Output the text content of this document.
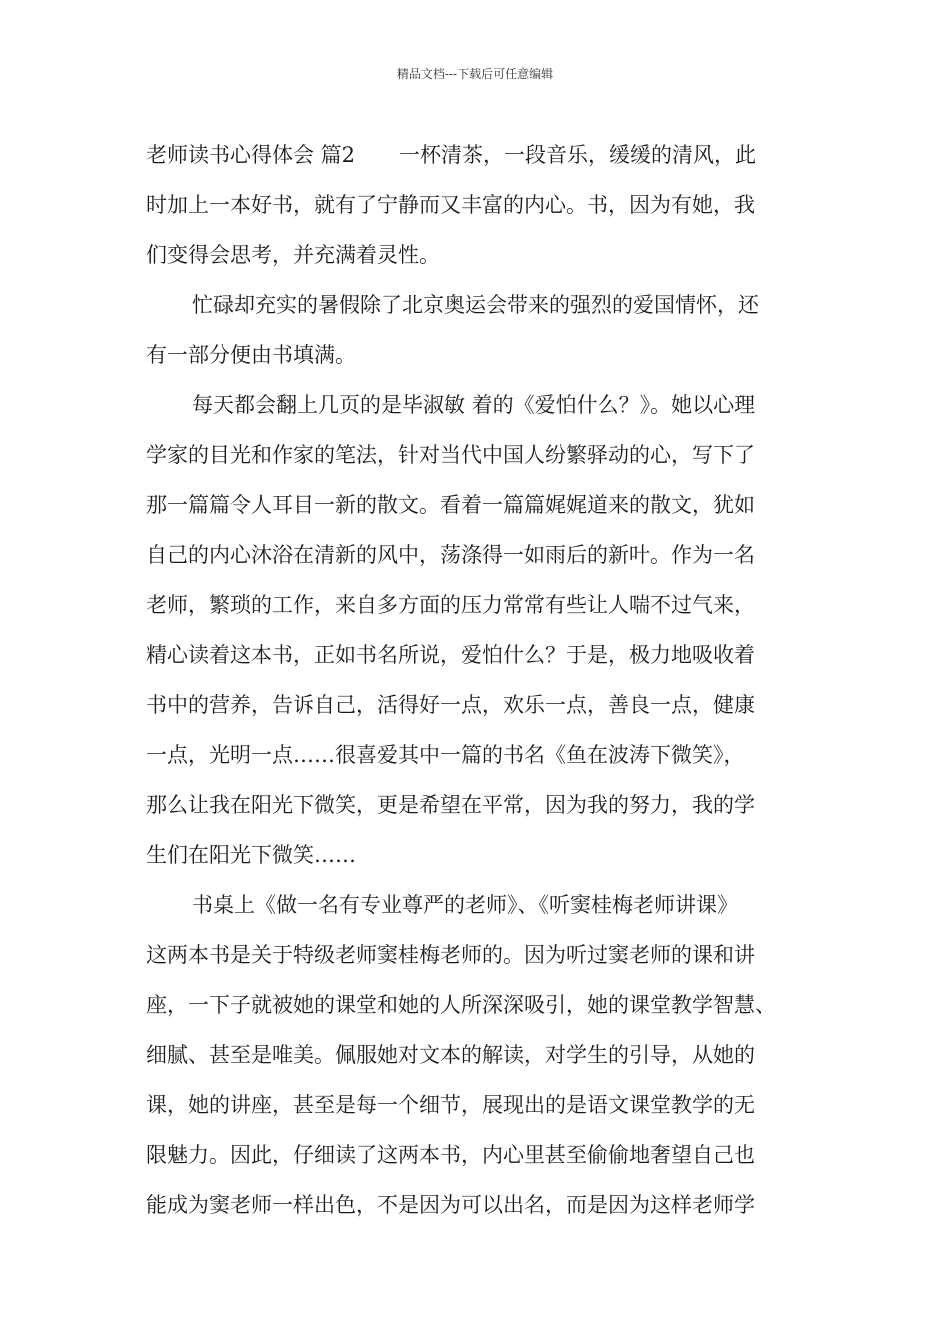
精品文档---下载后可任意编辑
老师读书心得体会 篇2 一杯清茶，一段音乐，缓缓的清风，此
时加上一本好书，就有了宁静而又丰富的内心。书，因为有她，我
们变得会思考，并充满着灵性。
忙碌却充实的暑假除了北京奥运会带来的强烈的爱国情怀，还
有一部分便由书填满。
每天都会翻上几页的是毕淑敏 着的《爱怕什么？》。她以心理
学家的目光和作家的笔法，针对当代中国人纷繁驿动的心，写下了
那一篇篇令人耳目一新的散文。看着一篇篇娓娓道来的散文，犹如
自己的内心沐浴在清新的风中，荡涤得一如雨后的新叶。作为一名
老师，繁琐的工作，来自多方面的压力常常有些让人喘不过气来，
精心读着这本书，正如书名所说，爱怕什么？于是，极力地吸收着
书中的营养，告诉自己，活得好一点，欢乐一点，善良一点，健康
一点，光明一点……很喜爱其中一篇的书名《鱼在波涛下微笑》，
那么让我在阳光下微笑，更是希望在平常，因为我的努力，我的学
生们在阳光下微笑……
书桌上《做一名有专业尊严的老师》、《听窦桂梅老师讲课》
这两本书是关于特级老师窦桂梅老师的。因为听过窦老师的课和讲
座，一下子就被她的课堂和她的人所深深吸引，她的课堂教学智慧、
细腻、甚至是唯美。佩服她对文本的解读，对学生的引导，从她的
课，她的讲座，甚至是每一个细节，展现出的是语文课堂教学的无
限魅力。因此，仔细读了这两本书，内心里甚至偷偷地奢望自己也
能成为窦老师一样出色，不是因为可以出名，而是因为这样老师学
